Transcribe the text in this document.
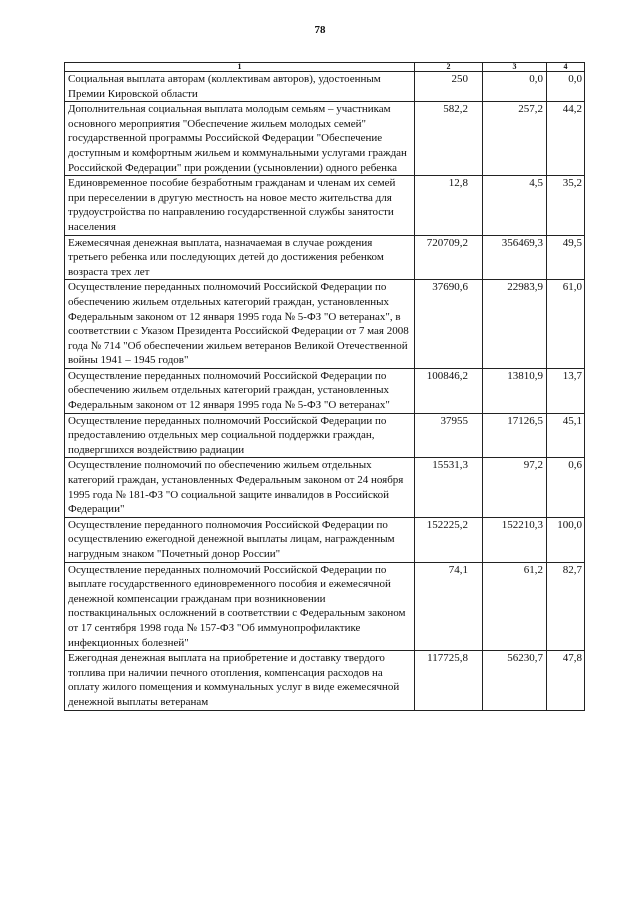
78
1	2	3	4
Социальная выплата авторам (коллективам авторов), удостоенным Премии Кировской области	250	0,0	0,0
Дополнительная социальная выплата молодым семьям – участникам основного мероприятия "Обеспечение жильем молодых семей" государственной программы Российской Федерации "Обеспечение доступным и комфортным жильем и коммунальными услугами граждан Российской Федерации" при рождении (усыновлении) одного ребенка	582,2	257,2	44,2
Единовременное пособие безработным гражданам и членам их семей при переселении в другую местность на новое место жительства для трудоустройства по направлению государственной службы занятости населения	12,8	4,5	35,2
Ежемесячная денежная выплата, назначаемая в случае рождения третьего ребенка или последующих детей до достижения ребенком возраста трех лет	720709,2	356469,3	49,5
Осуществление переданных полномочий Российской Федерации по обеспечению жильем отдельных категорий граждан, установленных Федеральным законом от 12 января 1995 года № 5-ФЗ "О ветеранах", в соответствии с Указом Президента Российской Федерации от 7 мая 2008 года № 714 "Об обеспечении жильем ветеранов Великой Отечественной войны 1941 – 1945 годов"	37690,6	22983,9	61,0
Осуществление переданных полномочий Российской Федерации по обеспечению жильем отдельных категорий граждан, установленных Федеральным законом от 12 января 1995 года № 5-ФЗ "О ветеранах"	100846,2	13810,9	13,7
Осуществление переданных полномочий Российской Федерации по предоставлению отдельных мер социальной поддержки граждан, подвергшихся воздействию радиации	37955	17126,5	45,1
Осуществление полномочий по обеспечению жильем отдельных категорий граждан, установленных Федеральным законом от 24 ноября 1995 года № 181-ФЗ "О социальной защите инвалидов в Российской Федерации"	15531,3	97,2	0,6
Осуществление переданного полномочия Российской Федерации по осуществлению ежегодной денежной выплаты лицам, награжденным нагрудным знаком "Почетный донор России"	152225,2	152210,3	100,0
Осуществление переданных полномочий Российской Федерации по выплате государственного единовременного пособия и ежемесячной денежной компенсации гражданам при возникновении поствакцинальных осложнений в соответствии с Федеральным законом от 17 сентября 1998 года № 157-ФЗ "Об иммунопрофилактике инфекционных болезней"	74,1	61,2	82,7
Ежегодная денежная выплата на приобретение и доставку твердого топлива при наличии печного отопления, компенсация расходов на оплату жилого помещения и коммунальных услуг в виде ежемесячной денежной выплаты ветеранам	117725,8	56230,7	47,8
